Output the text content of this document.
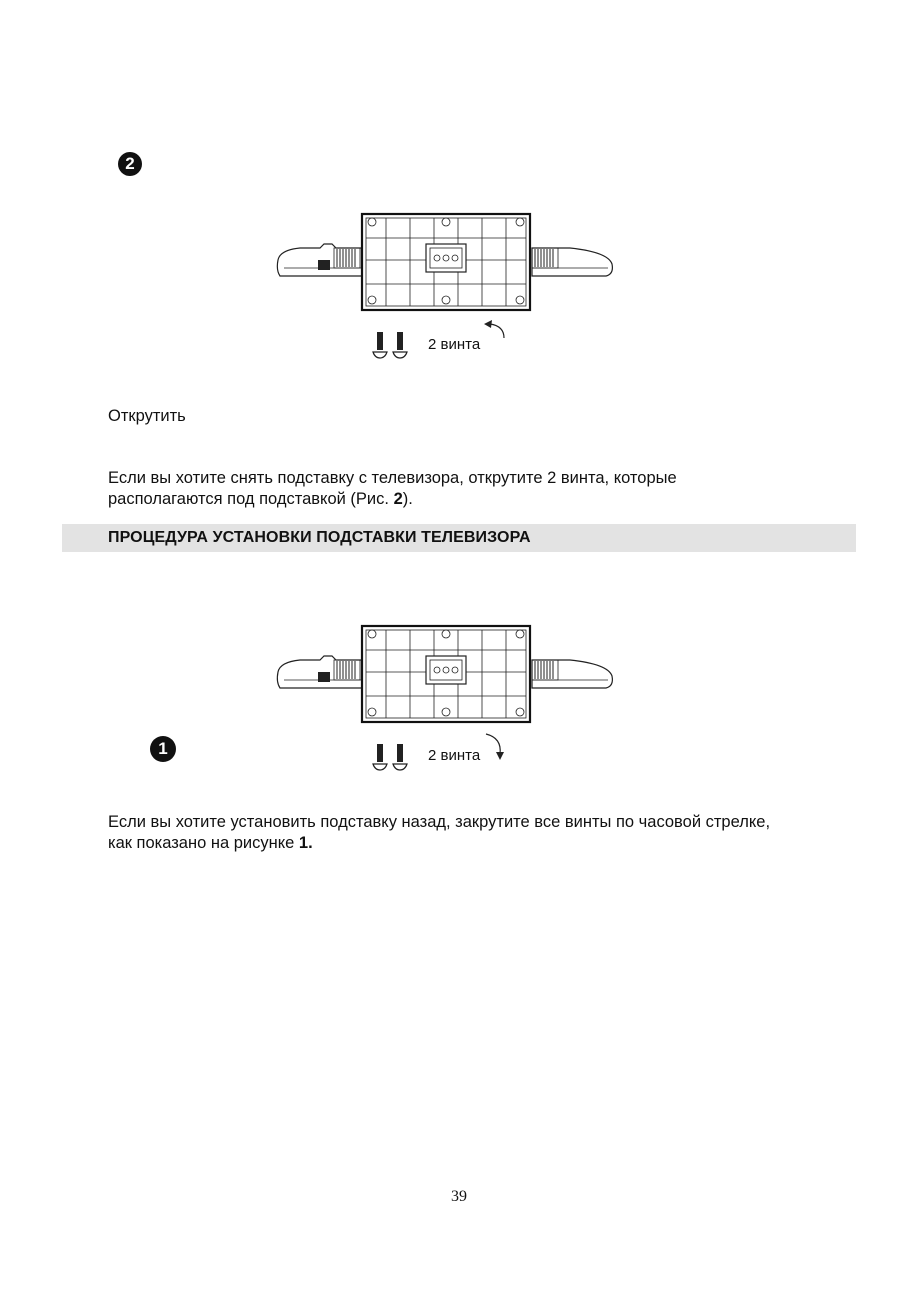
2
2 винта
Открутить

Если вы хотите снять подставку с телевизора, открутите 2 винта, которые располагаются под подставкой (Рис. 2).

ПРОЦЕДУРА УСТАНОВКИ ПОДСТАВКИ ТЕЛЕВИЗОРА
1	2 винта

Если вы хотите установить подставку назад, закрутите все винты по часовой стрелке, как показано на рисунке 1.

39
